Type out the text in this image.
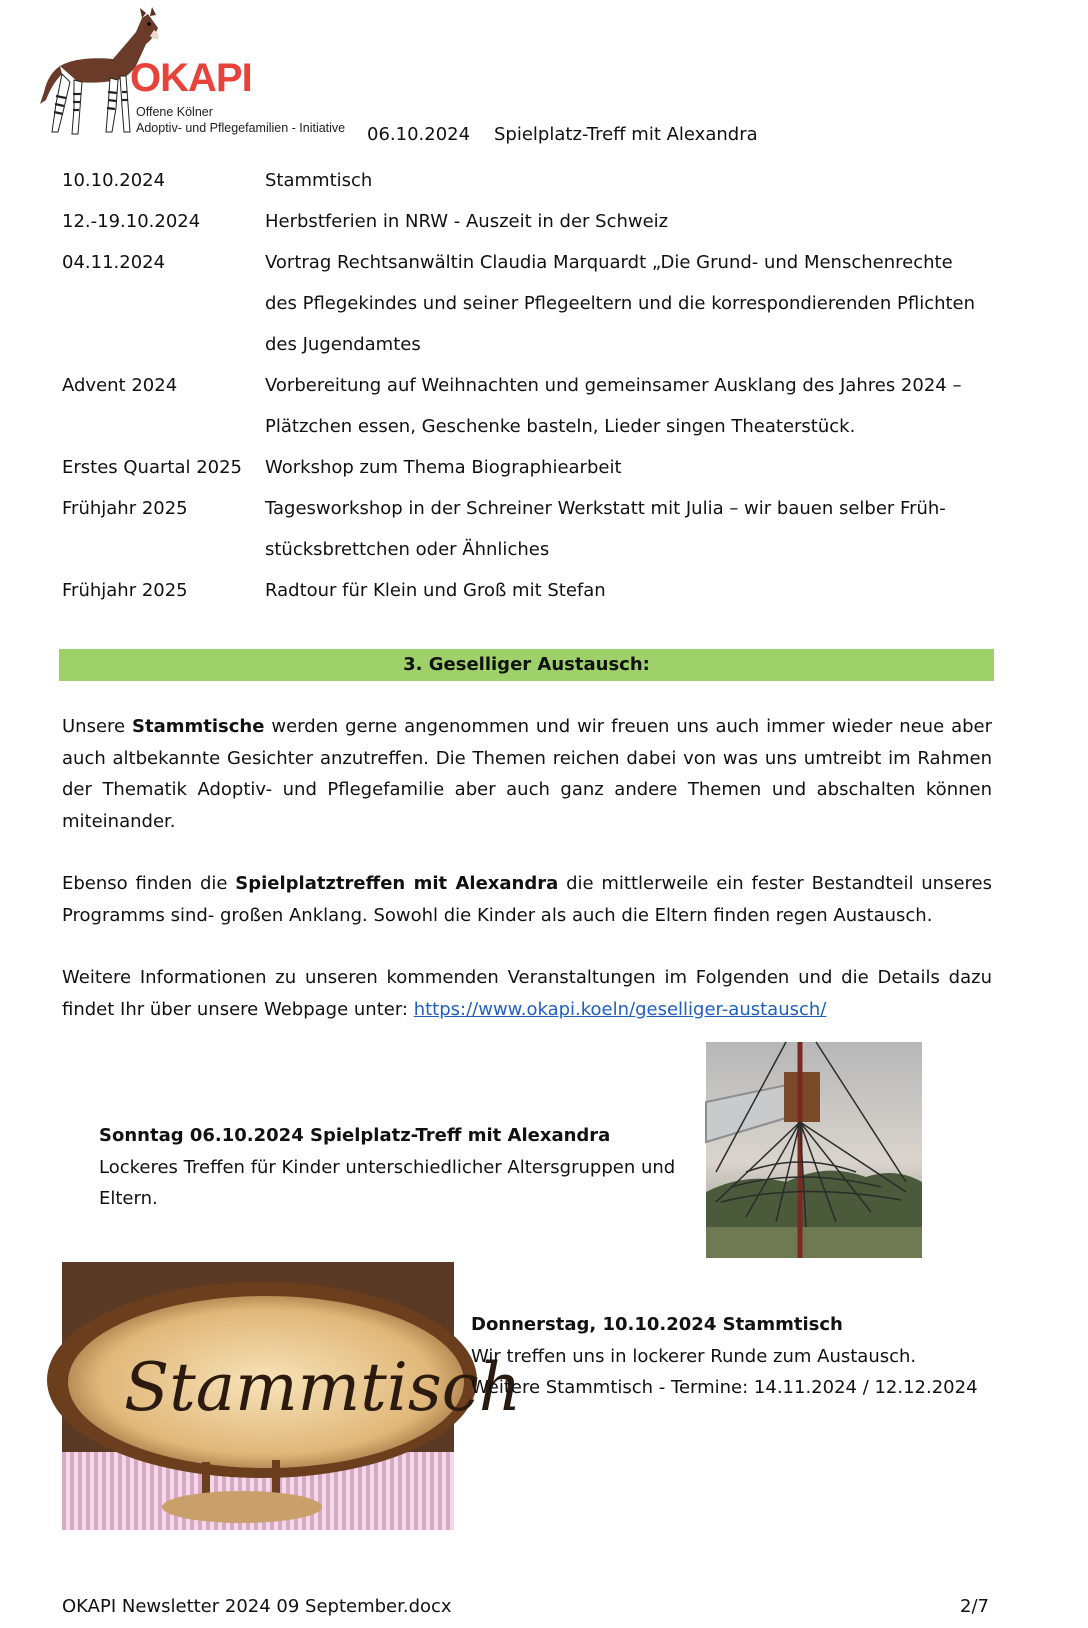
OKAPI
Offene Kölner
Adoptiv- und Pflegefamilien - Initiative 06.10.2024 Spielplatz-Treff mit Alexandra
10.10.2024	Stammtisch
12.-19.10.2024	Herbstferien in NRW - Auszeit in der Schweiz
04.11.2024	Vortrag Rechtsanwältin Claudia Marquardt „Die Grund- und Menschenrechte
des Pflegekindes und seiner Pflegeeltern und die korrespondierenden Pflichten
des Jugendamtes
Advent 2024	Vorbereitung auf Weihnachten und gemeinsamer Ausklang des Jahres 2024 –
Plätzchen essen, Geschenke basteln, Lieder singen Theaterstück.
Erstes Quartal 2025	Workshop zum Thema Biographiearbeit
Frühjahr 2025	Tagesworkshop in der Schreiner Werkstatt mit Julia – wir bauen selber Früh-
stücksbrettchen oder Ähnliches
Frühjahr 2025	Radtour für Klein und Groß mit Stefan
3. Geselliger Austausch:
Unsere Stammtische werden gerne angenommen und wir freuen uns auch immer wieder neue aber auch altbekannte Gesichter anzutreffen. Die Themen reichen dabei von was uns umtreibt im Rahmen der Thematik Adoptiv- und Pflegefamilie aber auch ganz andere Themen und abschalten können miteinander.
Ebenso finden die Spielplatztreffen mit Alexandra die mittlerweile ein fester Bestandteil unseres Programms sind- großen Anklang. Sowohl die Kinder als auch die Eltern finden regen Austausch.
Weitere Informationen zu unseren kommenden Veranstaltungen im Folgenden und die Details dazu findet Ihr über unsere Webpage unter: https://www.okapi.koeln/geselliger-austausch/
Sonntag 06.10.2024 Spielplatz-Treff mit Alexandra
Lockeres Treffen für Kinder unterschiedlicher Altersgruppen und Eltern.
Stammtisch
Donnerstag, 10.10.2024 Stammtisch
Wir treffen uns in lockerer Runde zum Austausch.
Weitere Stammtisch - Termine: 14.11.2024 / 12.12.2024
OKAPI Newsletter 2024 09 September.docx	2/7
